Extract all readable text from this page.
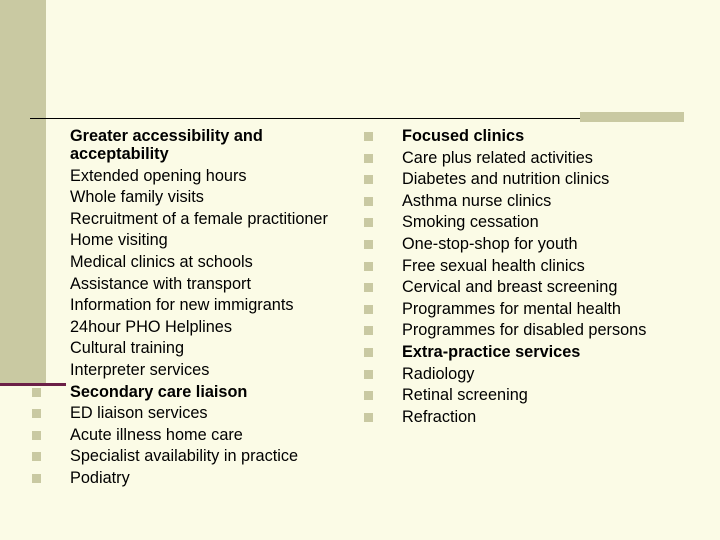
Greater accessibility and acceptability
Extended opening hours
Whole family visits
Recruitment of a female practitioner
Home visiting
Medical clinics at schools
Assistance with transport
Information for new immigrants
24hour PHO Helplines
Cultural training
Interpreter services
Secondary care liaison
ED liaison services
Acute illness home care
Specialist availability in practice
Podiatry
Focused clinics
Care plus related activities
Diabetes and nutrition clinics
Asthma nurse clinics
Smoking cessation
One-stop-shop for youth
Free sexual health clinics
Cervical and breast screening
Programmes for mental health
Programmes for disabled persons
Extra-practice services
Radiology
Retinal screening
Refraction
